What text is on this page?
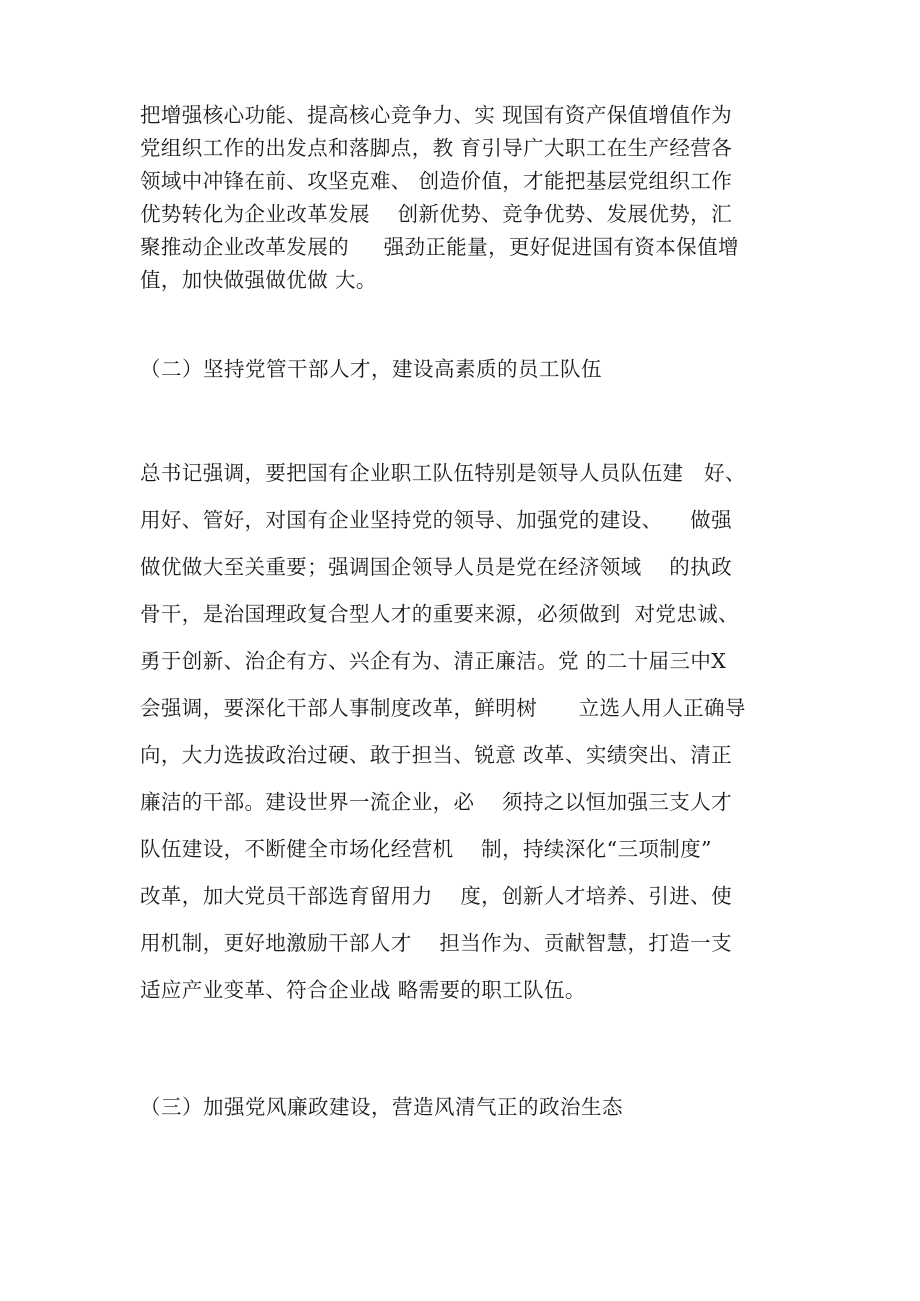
把增强核心功能、提高核心竞争力、实 现国有资产保值增值作为
党组织工作的出发点和落脚点，教 育引导广大职工在生产经营各
领域中冲锋在前、攻坚克难、 创造价值，才能把基层党组织工作
优势转化为企业改革发展    创新优势、竞争优势、发展优势，汇
聚推动企业改革发展的     强劲正能量，更好促进国有资本保值增
值，加快做强做优做 大。
（二）坚持党管干部人才，建设高素质的员工队伍
总书记强调，要把国有企业职工队伍特别是领导人员队伍建   好、
用好、管好，对国有企业坚持党的领导、加强党的建设、    做强
做优做大至关重要；强调国企领导人员是党在经济领域    的执政
骨干，是治国理政复合型人才的重要来源，必须做到  对党忠诚、
勇于创新、治企有方、兴企有为、清正廉洁。党 的二十届三中X
会强调，要深化干部人事制度改革，鲜明树      立选人用人正确导
向，大力选拔政治过硬、敢于担当、锐意 改革、实绩突出、清正
廉洁的干部。建设世界一流企业，必    须持之以恒加强三支人才
队伍建设，不断健全市场化经营机    制，持续深化“三项制度”
改革，加大党员干部选育留用力    度，创新人才培养、引进、使
用机制，更好地激励干部人才    担当作为、贡献智慧，打造一支
适应产业变革、符合企业战 略需要的职工队伍。
（三）加强党风廉政建设，营造风清气正的政治生态
